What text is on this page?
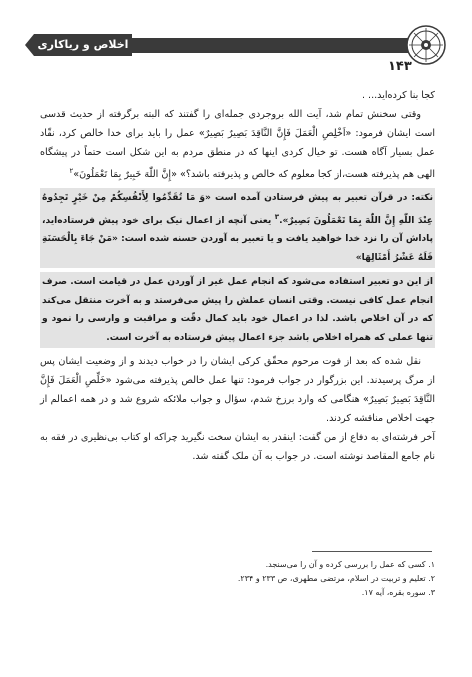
اخلاص و ریاکاری
۱۴۳

کجا بنا کرده‌اید... .

وقتی سخنش تمام شد، آیت الله بروجردی جمله‌ای را گفتند که البته برگرفته از حدیث قدسی است ایشان فرمود: «اَخْلِصِ الْعَمَلَ فَإِنَّ النَّاقِدَ بَصِيرٌ بَصِيرٌ» عمل را باید برای خدا خالص کرد، نقّاد عمل بسیار آگاه هست. تو خیال کردی اینها که در منطق مردم به این شکل است حتماً در پیشگاه الهی هم پذیرفته هست،از کجا معلوم که خالص و پذیرفته باشد؟» «إِنَّ اللّٰهَ خَبِيرٌ بِمَا تَعْمَلُونَ»$^۲$

نکته: در قرآن تعبیر به پیش فرستادن آمده است «وَ مَا تُقَدِّمُوا لِأَنْفُسِكُمْ مِنْ خَيْرٍ تَجِدُوهُ عِنْدَ اللّٰهِ إِنَّ اللّٰهَ بِمَا تَعْمَلُونَ بَصِيرٌ».$^۳$ یعنی آنچه از اعمال نیک برای خود پیش فرستاده‌اید، پاداش آن را نزد خدا خواهید یافت و یا تعبیر به آوردن حسنه شده است: «مَنْ جَاءَ بِالْحَسَنَةِ فَلَهُ عَشْرُ أَمْثَالِهَا»
از این دو تعبیر استفاده می‌شود که انجام عمل غیر از آوردن عمل در قیامت است. صرف انجام عمل کافی نیست. وقتی انسان عملش را پیش می‌فرستد و به آخرت منتقل می‌کند که در آن اخلاص باشد. لذا در اعمال خود باید کمال دقّت و مراقبت و وارسی را نمود و تنها عملی که همراه اخلاص باشد جزء اعمال پیش فرستاده به آخرت است.

نقل شده که بعد از فوت مرحوم محقّق کرکی ایشان را در خواب دیدند و از وضعیت ایشان پس از مرگ پرسیدند. این بزرگوار در جواب فرمود: تنها عمل خالص پذیرفته می‌شود «خَلِّصِ الْعَمَلَ فَإِنَّ النَّاقِدَ بَصِيرٌ بَصِيرٌ» هنگامی که وارد برزخ شدم، سؤال و جواب ملائکه شروع شد و در همه اعمالم از جهت اخلاص مناقشه کردند.

آخر فرشته‌ای به دفاع از من گفت: اینقدر به ایشان سخت نگیرید چراکه او کتاب بی‌نظیری در فقه به نام جامع المقاصد نوشته است. در جواب به آن ملک گفته شد.

۱. کسی که عمل را بررسی کرده و آن را می‌سنجد.

۲. تعلیم و تربیت در اسلام، مرتضی مطهری، ص ۲۳۳ و ۲۳۴.

۳. سوره بقره، آیه ۱۷.
